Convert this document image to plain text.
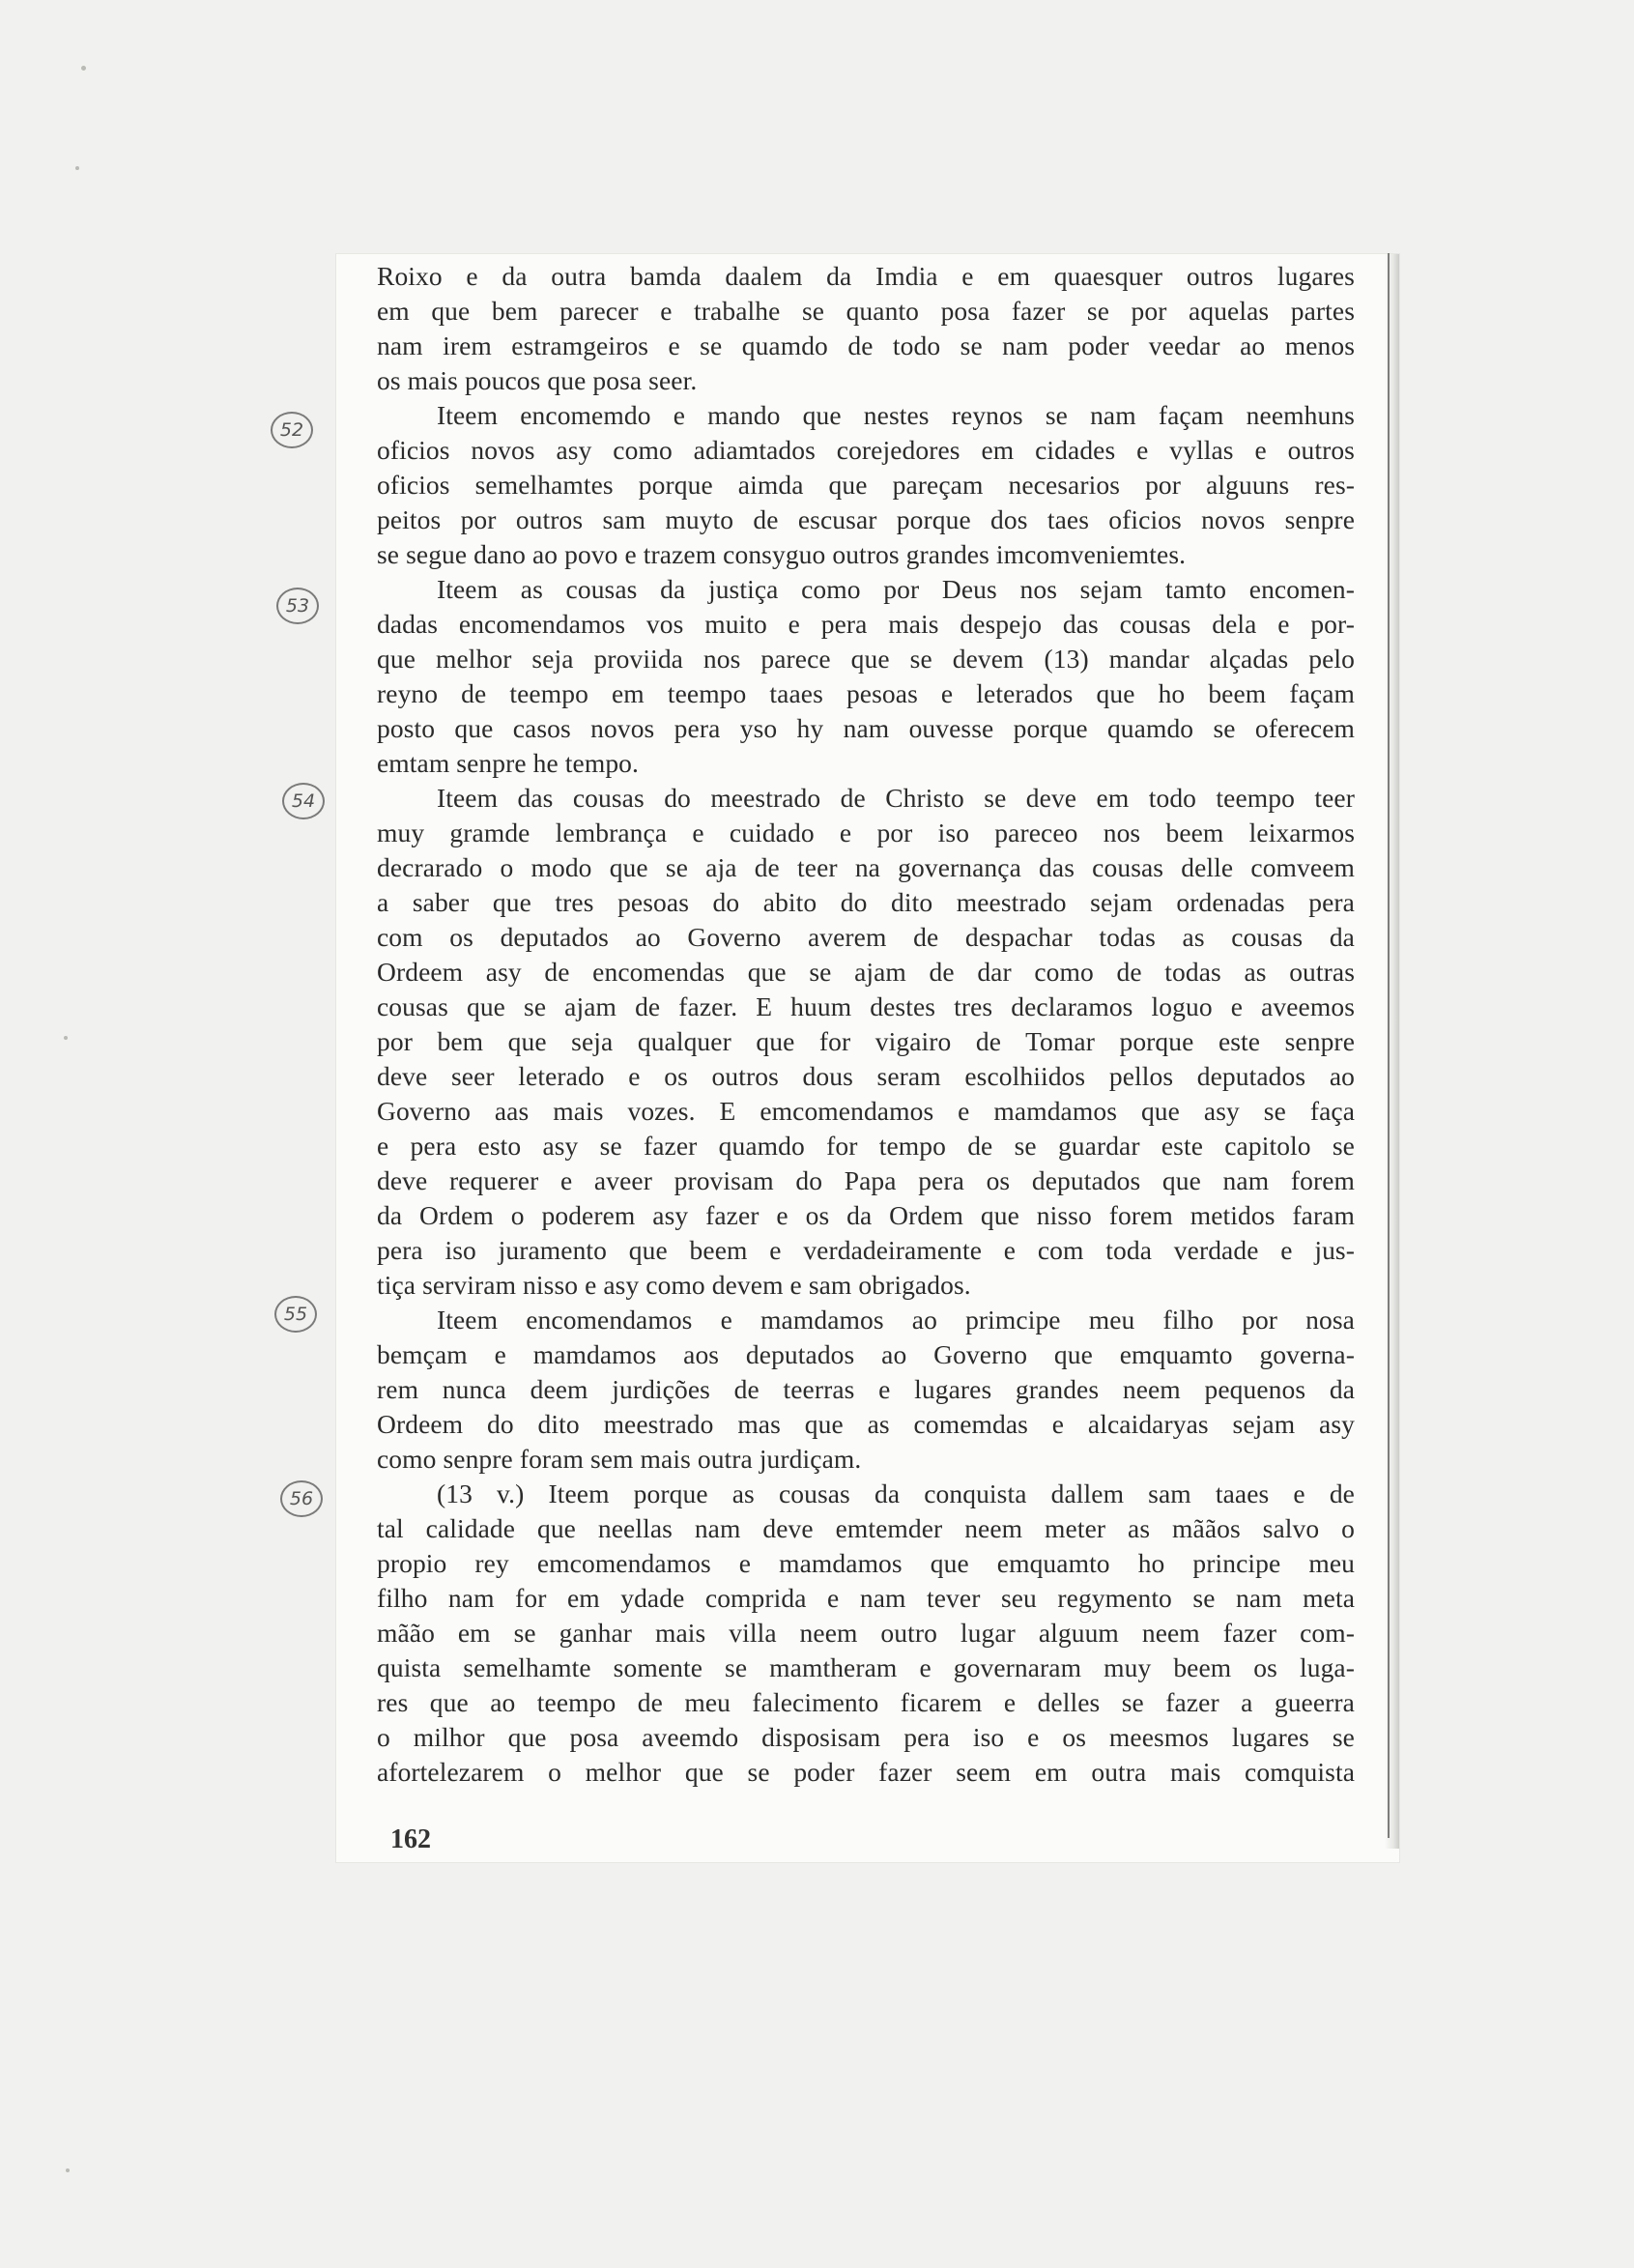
52
53
54
55
56
Roixo e da outra bamda daalem da Imdia e em quaesquer outros lugares
em que bem parecer e trabalhe se quanto posa fazer se por aquelas partes
nam irem estramgeiros e se quamdo de todo se nam poder veedar ao menos
os mais poucos que posa seer.
Iteem encomemdo e mando que nestes reynos se nam façam neemhuns
oficios novos asy como adiamtados corejedores em cidades e vyllas e outros
oficios semelhamtes porque aimda que pareçam necesarios por alguuns res-
peitos por outros sam muyto de escusar porque dos taes oficios novos senpre
se segue dano ao povo e trazem consyguo outros grandes imcomveniemtes.
Iteem as cousas da justiça como por Deus nos sejam tamto encomen-
dadas encomendamos vos muito e pera mais despejo das cousas dela e por-
que melhor seja proviida nos parece que se devem (13) mandar alçadas pelo
reyno de teempo em teempo taaes pesoas e leterados que ho beem façam
posto que casos novos pera yso hy nam ouvesse porque quamdo se oferecem
emtam senpre he tempo.
Iteem das cousas do meestrado de Christo se deve em todo teempo teer
muy gramde lembrança e cuidado e por iso pareceo nos beem leixarmos
decrarado o modo que se aja de teer na governança das cousas delle comveem
a saber que tres pesoas do abito do dito meestrado sejam ordenadas pera
com os deputados ao Governo averem de despachar todas as cousas da
Ordeem asy de encomendas que se ajam de dar como de todas as outras
cousas que se ajam de fazer. E huum destes tres declaramos loguo e aveemos
por bem que seja qualquer que for vigairo de Tomar porque este senpre
deve seer leterado e os outros dous seram escolhiidos pellos deputados ao
Governo aas mais vozes. E emcomendamos e mamdamos que asy se faça
e pera esto asy se fazer quamdo for tempo de se guardar este capitolo se
deve requerer e aveer provisam do Papa pera os deputados que nam forem
da Ordem o poderem asy fazer e os da Ordem que nisso forem metidos faram
pera iso juramento que beem e verdadeiramente e com toda verdade e jus-
tiça serviram nisso e asy como devem e sam obrigados.
Iteem encomendamos e mamdamos ao primcipe meu filho por nosa
bemçam e mamdamos aos deputados ao Governo que emquamto governa-
rem nunca deem jurdições de teerras e lugares grandes neem pequenos da
Ordeem do dito meestrado mas que as comemdas e alcaidaryas sejam asy
como senpre foram sem mais outra jurdiçam.
(13 v.) Iteem porque as cousas da conquista dallem sam taaes e de
tal calidade que neellas nam deve emtemder neem meter as mããos salvo o
propio rey emcomendamos e mamdamos que emquamto ho principe meu
filho nam for em ydade comprida e nam tever seu regymento se nam meta
mããо em se ganhar mais villa neem outro lugar alguum neem fazer com-
quista semelhamte somente se mamtheram e governaram muy beem os luga-
res que ao teempo de meu falecimento ficarem e delles se fazer a gueerra
o milhor que posa aveemdo disposisam pera iso e os meesmos lugares se
afortelezarem o melhor que se poder fazer seem em outra mais comquista
162
